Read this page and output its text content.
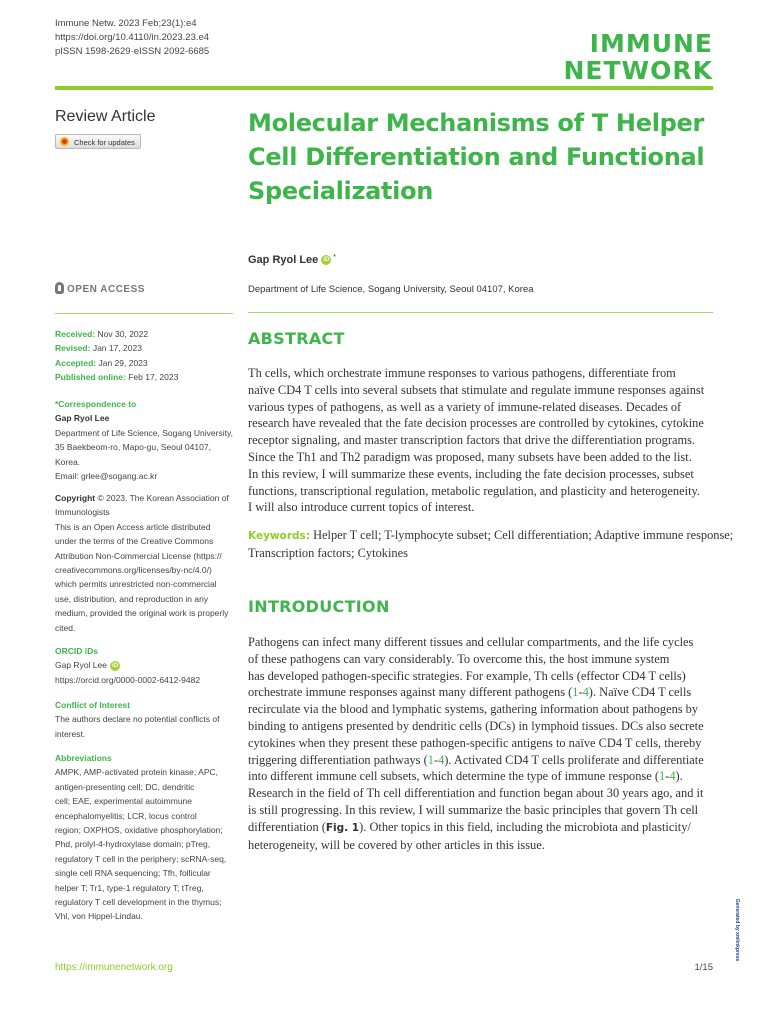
Immune Netw. 2023 Feb;23(1):e4
https://doi.org/10.4110/in.2023.23.e4
pISSN 1598-2629·eISSN 2092-6685	IMMUNE
NETWORK
Review Article
Check for updates
Molecular Mechanisms of T Helper
Cell Differentiation and Functional
Specialization
Gap Ryol Lee iD *
Department of Life Science, Sogang University, Seoul 04107, Korea
OPEN ACCESS
Received: Nov 30, 2022
Revised: Jan 17, 2023
Accepted: Jan 29, 2023
Published online: Feb 17, 2023
*Correspondence to
Gap Ryol Lee
Department of Life Science, Sogang University,
35 Baekbeom-ro, Mapo-gu, Seoul 04107,
Korea.
Email: grlee@sogang.ac.kr
Copyright © 2023. The Korean Association of
Immunologists
This is an Open Access article distributed
under the terms of the Creative Commons
Attribution Non-Commercial License (https://
creativecommons.org/licenses/by-nc/4.0/)
which permits unrestricted non-commercial
use, distribution, and reproduction in any
medium, provided the original work is properly
cited.
ORCID iDs
Gap Ryol Lee iD
https://orcid.org/0000-0002-6412-9482
Conflict of Interest
The authors declare no potential conflicts of
interest.
Abbreviations
AMPK, AMP-activated protein kinase; APC,
antigen-presenting cell; DC, dendritic
cell; EAE, experimental autoimmune
encephalomyelitis; LCR, locus control
region; OXPHOS, oxidative phosphorylation;
Phd, prolyl-4-hydroxylase domain; pTreg,
regulatory T cell in the periphery; scRNA-seq,
single cell RNA sequencing; Tfh, follicular
helper T; Tr1, type-1 regulatory T; tTreg,
regulatory T cell development in the thymus;
Vhl, von Hippel-Lindau.
ABSTRACT
Th cells, which orchestrate immune responses to various pathogens, differentiate from
naïve CD4 T cells into several subsets that stimulate and regulate immune responses against
various types of pathogens, as well as a variety of immune-related diseases. Decades of
research have revealed that the fate decision processes are controlled by cytokines, cytokine
receptor signaling, and master transcription factors that drive the differentiation programs.
Since the Th1 and Th2 paradigm was proposed, many subsets have been added to the list.
In this review, I will summarize these events, including the fate decision processes, subset
functions, transcriptional regulation, metabolic regulation, and plasticity and heterogeneity.
I will also introduce current topics of interest.
Keywords: Helper T cell; T-lymphocyte subset; Cell differentiation; Adaptive immune response;
Transcription factors; Cytokines
INTRODUCTION
Pathogens can infect many different tissues and cellular compartments, and the life cycles
of these pathogens can vary considerably. To overcome this, the host immune system
has developed pathogen-specific strategies. For example, Th cells (effector CD4 T cells)
orchestrate immune responses against many different pathogens (1-4). Naïve CD4 T cells
recirculate via the blood and lymphatic systems, gathering information about pathogens by
binding to antigens presented by dendritic cells (DCs) in lymphoid tissues. DCs also secrete
cytokines when they present these pathogen-specific antigens to naïve CD4 T cells, thereby
triggering differentiation pathways (1-4). Activated CD4 T cells proliferate and differentiate
into different immune cell subsets, which determine the type of immune response (1-4).
Research in the field of Th cell differentiation and function began about 30 years ago, and it
is still progressing. In this review, I will summarize the basic principles that govern Th cell
differentiation (Fig. 1). Other topics in this field, including the microbiota and plasticity/
heterogeneity, will be covered by other articles in this issue.
https://immunenetwork.org	1/15
Generated by xmlinkpress
